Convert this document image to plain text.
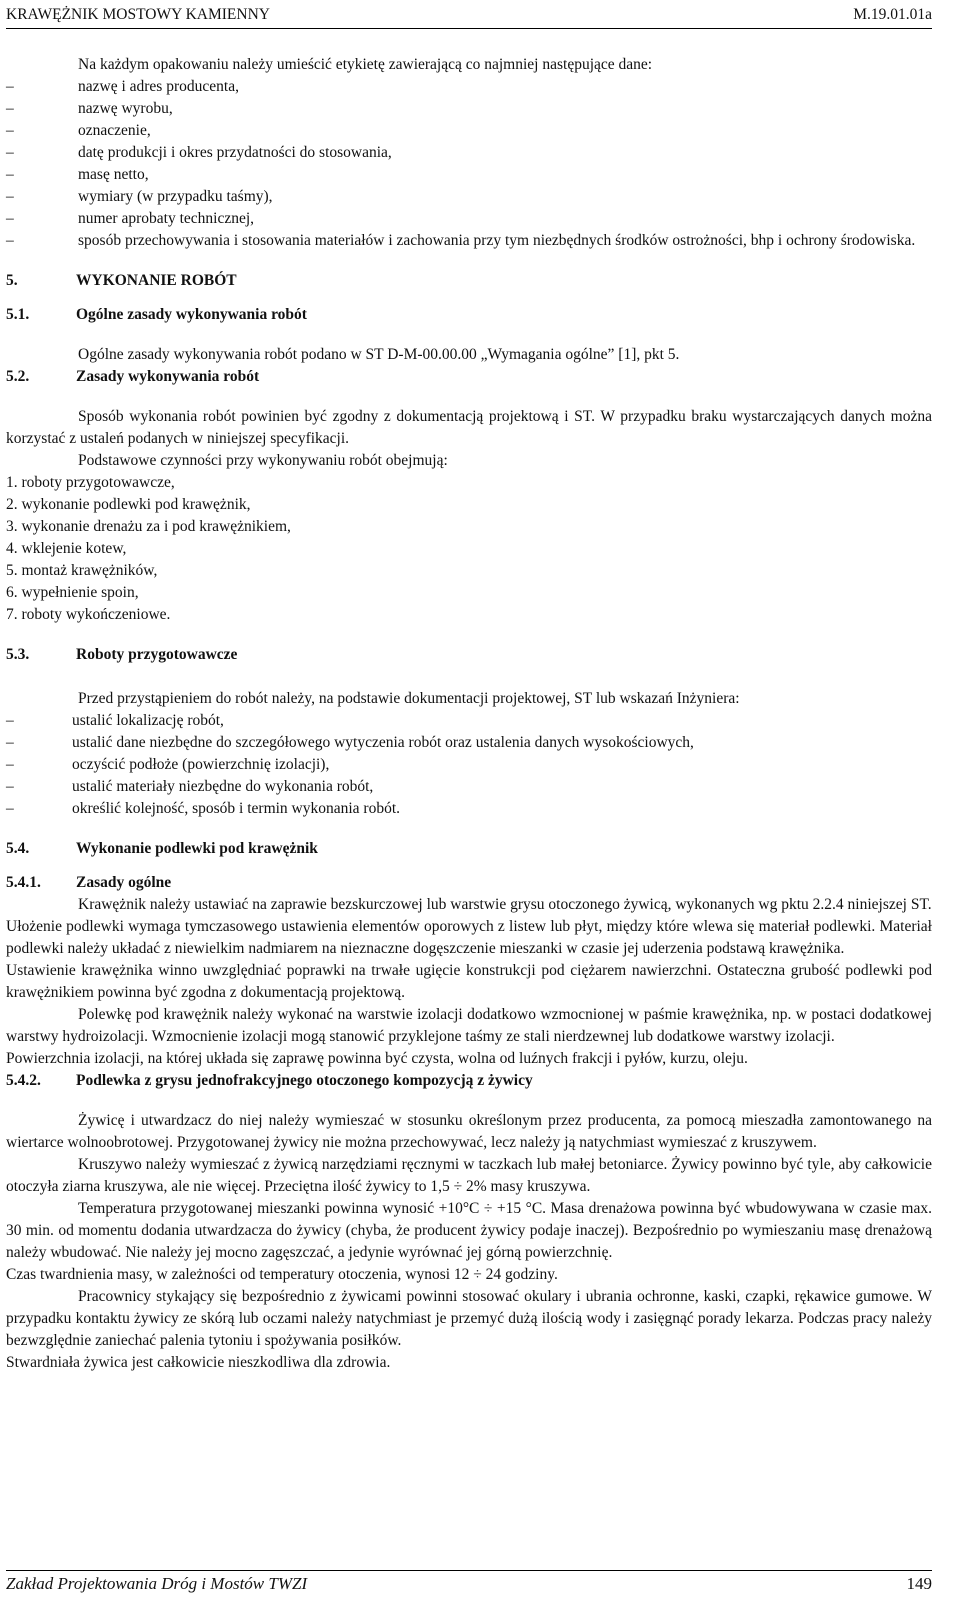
KRAWĘŻNIK MOSTOWY KAMIENNY	M.19.01.01a

Na każdym opakowaniu należy umieścić etykietę zawierającą co najmniej następujące dane:

– nazwę i adres producenta,
– nazwę wyrobu,
– oznaczenie,
– datę produkcji i okres przydatności do stosowania,
– masę netto,
– wymiary (w przypadku taśmy),
– numer aprobaty technicznej,
– sposób przechowywania i stosowania materiałów i zachowania przy tym niezbędnych środków ostrożności, bhp i ochrony środowiska.
5.	WYKONANIE ROBÓT
5.1.	Ogólne zasady wykonywania robót

Ogólne zasady wykonywania robót podano w ST D-M-00.00.00 „Wymagania ogólne” [1], pkt 5.

5.2.	Zasady wykonywania robót

Sposób wykonania robót powinien być zgodny z dokumentacją projektową i ST. W przypadku braku wystarczających danych można korzystać z ustaleń podanych w niniejszej specyfikacji.

Podstawowe czynności przy wykonywaniu robót obejmują:

1. roboty przygotowawcze,
2. wykonanie podlewki pod krawężnik,
3. wykonanie drenażu za i pod krawężnikiem,
4. wklejenie kotew,
5. montaż krawężników,
6. wypełnienie spoin,
7. roboty wykończeniowe.
5.3.	Roboty przygotowawcze

Przed przystąpieniem do robót należy, na podstawie dokumentacji projektowej, ST lub wskazań Inżyniera:

– ustalić lokalizację robót,
– ustalić dane niezbędne do szczegółowego wytyczenia robót oraz ustalenia danych wysokościowych,
– oczyścić podłoże (powierzchnię izolacji),
– ustalić materiały niezbędne do wykonania robót,
– określić kolejność, sposób i termin wykonania robót.
5.4.	Wykonanie podlewki pod krawężnik
5.4.1.	Zasady ogólne

Krawężnik należy ustawiać na zaprawie bezskurczowej lub warstwie grysu otoczonego żywicą, wykonanych wg pktu 2.2.4 niniejszej ST.

Ułożenie podlewki wymaga tymczasowego ustawienia elementów oporowych z listew lub płyt, między które wlewa się materiał podlewki. Materiał podlewki należy układać z niewielkim nadmiarem na nieznaczne dogęszczenie mieszanki w czasie jej uderzenia podstawą krawężnika.

Ustawienie krawężnika winno uwzględniać poprawki na trwałe ugięcie konstrukcji pod ciężarem nawierzchni. Ostateczna grubość podlewki pod krawężnikiem powinna być zgodna z dokumentacją projektową.

Polewkę pod krawężnik należy wykonać na warstwie izolacji dodatkowo wzmocnionej w paśmie krawężnika, np. w postaci dodatkowej warstwy hydroizolacji. Wzmocnienie izolacji mogą stanowić przyklejone taśmy ze stali nierdzewnej lub dodatkowe warstwy izolacji.

Powierzchnia izolacji, na której układa się zaprawę powinna być czysta, wolna od luźnych frakcji i pyłów, kurzu, oleju.

5.4.2.	Podlewka z grysu jednofrakcyjnego otoczonego kompozycją z żywicy

Żywicę i utwardzacz do niej należy wymieszać w stosunku określonym przez producenta, za pomocą mieszadła zamontowanego na wiertarce wolnoobrotowej. Przygotowanej żywicy nie można przechowywać, lecz należy ją natychmiast wymieszać z kruszywem.

Kruszywo należy wymieszać z żywicą narzędziami ręcznymi w taczkach lub małej betoniarce. Żywicy powinno być tyle, aby całkowicie otoczyła ziarna kruszywa, ale nie więcej. Przeciętna ilość żywicy to 1,5 ÷ 2% masy kruszywa.

Temperatura przygotowanej mieszanki powinna wynosić +10°C ÷ +15 °C. Masa drenażowa powinna być wbudowywana w czasie max. 30 min. od momentu dodania utwardzacza do żywicy (chyba, że producent żywicy podaje inaczej). Bezpośrednio po wymieszaniu masę drenażową należy wbudować. Nie należy jej mocno zagęszczać, a jedynie wyrównać jej górną powierzchnię.

Czas twardnienia masy, w zależności od temperatury otoczenia, wynosi 12 ÷ 24 godziny.

Pracownicy stykający się bezpośrednio z żywicami powinni stosować okulary i ubrania ochronne, kaski, czapki, rękawice gumowe. W przypadku kontaktu żywicy ze skórą lub oczami należy natychmiast je przemyć dużą ilością wody i zasięgnąć porady lekarza. Podczas pracy należy bezwzględnie zaniechać palenia tytoniu i spożywania posiłków.

Stwardniała żywica jest całkowicie nieszkodliwa dla zdrowia.

Zakład Projektowania Dróg i Mostów TWZI	149
